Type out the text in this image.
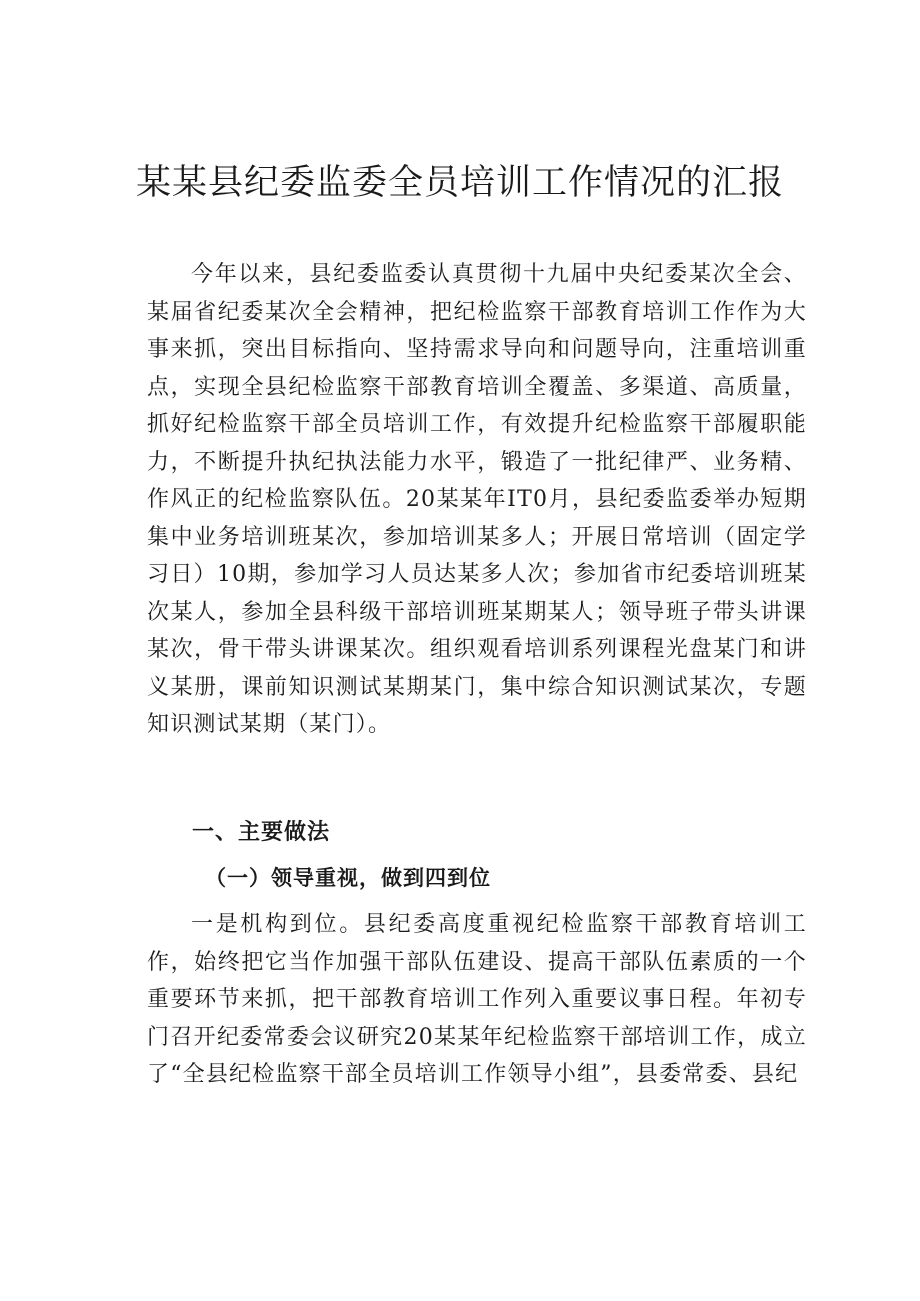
某某县纪委监委全员培训工作情况的汇报

今年以来，县纪委监委认真贯彻十九届中央纪委某次全会、某届省纪委某次全会精神，把纪检监察干部教育培训工作作为大事来抓，突出目标指向、坚持需求导向和问题导向，注重培训重点，实现全县纪检监察干部教育培训全覆盖、多渠道、高质量，抓好纪检监察干部全员培训工作，有效提升纪检监察干部履职能力，不断提升执纪执法能力水平，锻造了一批纪律严、业务精、作风正的纪检监察队伍。20某某年IT0月，县纪委监委举办短期集中业务培训班某次，参加培训某多人；开展日常培训（固定学习日）10期，参加学习人员达某多人次；参加省市纪委培训班某次某人，参加全县科级干部培训班某期某人；领导班子带头讲课某次，骨干带头讲课某次。组织观看培训系列课程光盘某门和讲义某册，课前知识测试某期某门，集中综合知识测试某次，专题知识测试某期（某门）。

一、主要做法
（一）领导重视，做到四到位

一是机构到位。县纪委高度重视纪检监察干部教育培训工作，始终把它当作加强干部队伍建设、提高干部队伍素质的一个重要环节来抓，把干部教育培训工作列入重要议事日程。年初专门召开纪委常委会议研究20某某年纪检监察干部培训工作，成立了“全县纪检监察干部全员培训工作领导小组”，县委常委、县纪
